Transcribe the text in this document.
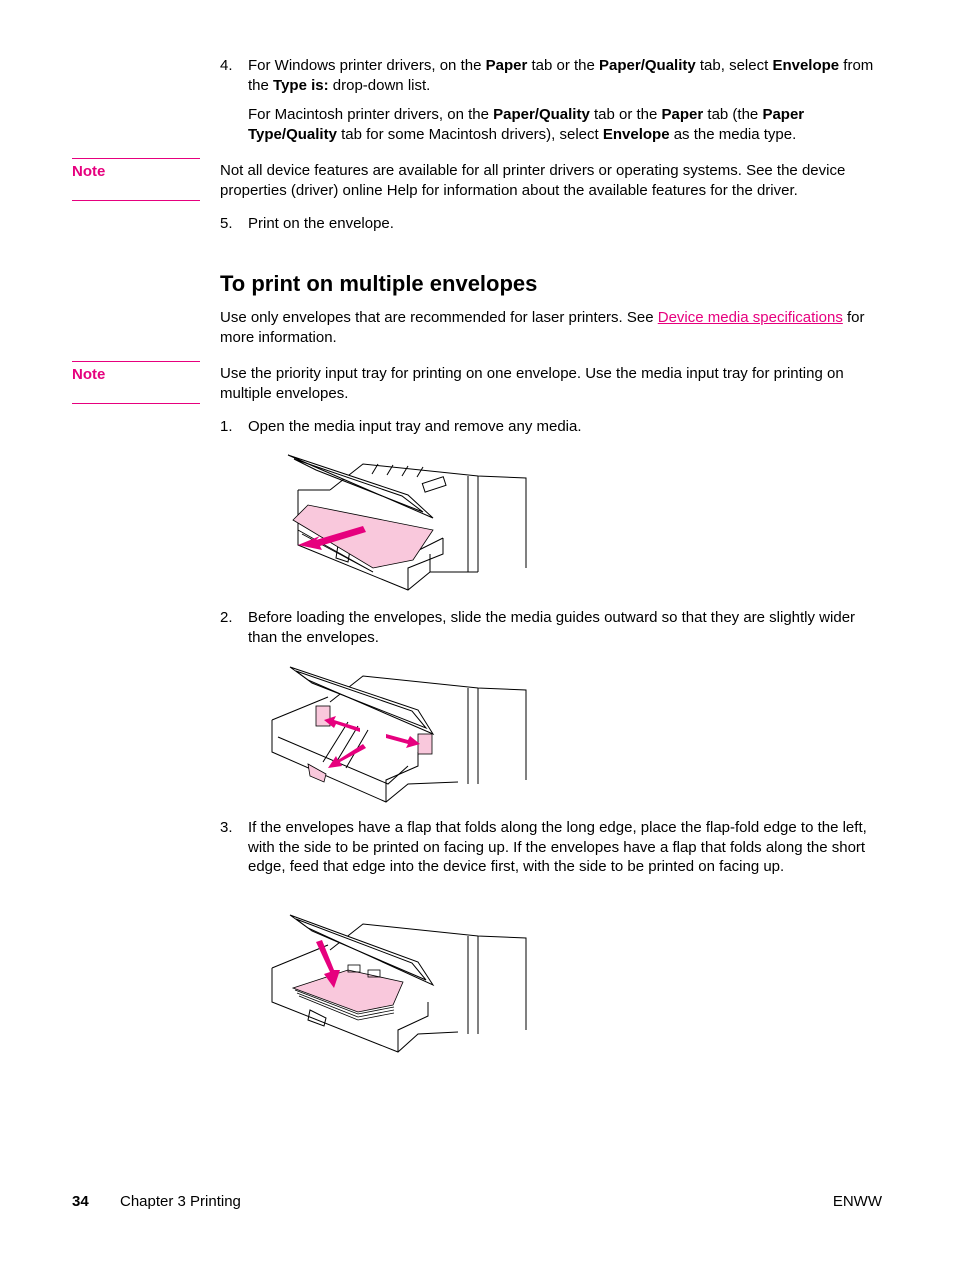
4. For Windows printer drivers, on the Paper tab or the Paper/Quality tab, select Envelope from the Type is: drop-down list.
For Macintosh printer drivers, on the Paper/Quality tab or the Paper tab (the Paper Type/Quality tab for some Macintosh drivers), select Envelope as the media type.
Note	Not all device features are available for all printer drivers or operating systems. See the device properties (driver) online Help for information about the available features for the driver.
5. Print on the envelope.
To print on multiple envelopes
Use only envelopes that are recommended for laser printers. See Device media specifications for more information.
Note	Use the priority input tray for printing on one envelope. Use the media input tray for printing on multiple envelopes.
1. Open the media input tray and remove any media.
2. Before loading the envelopes, slide the media guides outward so that they are slightly wider than the envelopes.
3. If the envelopes have a flap that folds along the long edge, place the flap-fold edge to the left, with the side to be printed on facing up. If the envelopes have a flap that folds along the short edge, feed that edge into the device first, with the side to be printed on facing up.
34 Chapter 3 Printing	ENWW
